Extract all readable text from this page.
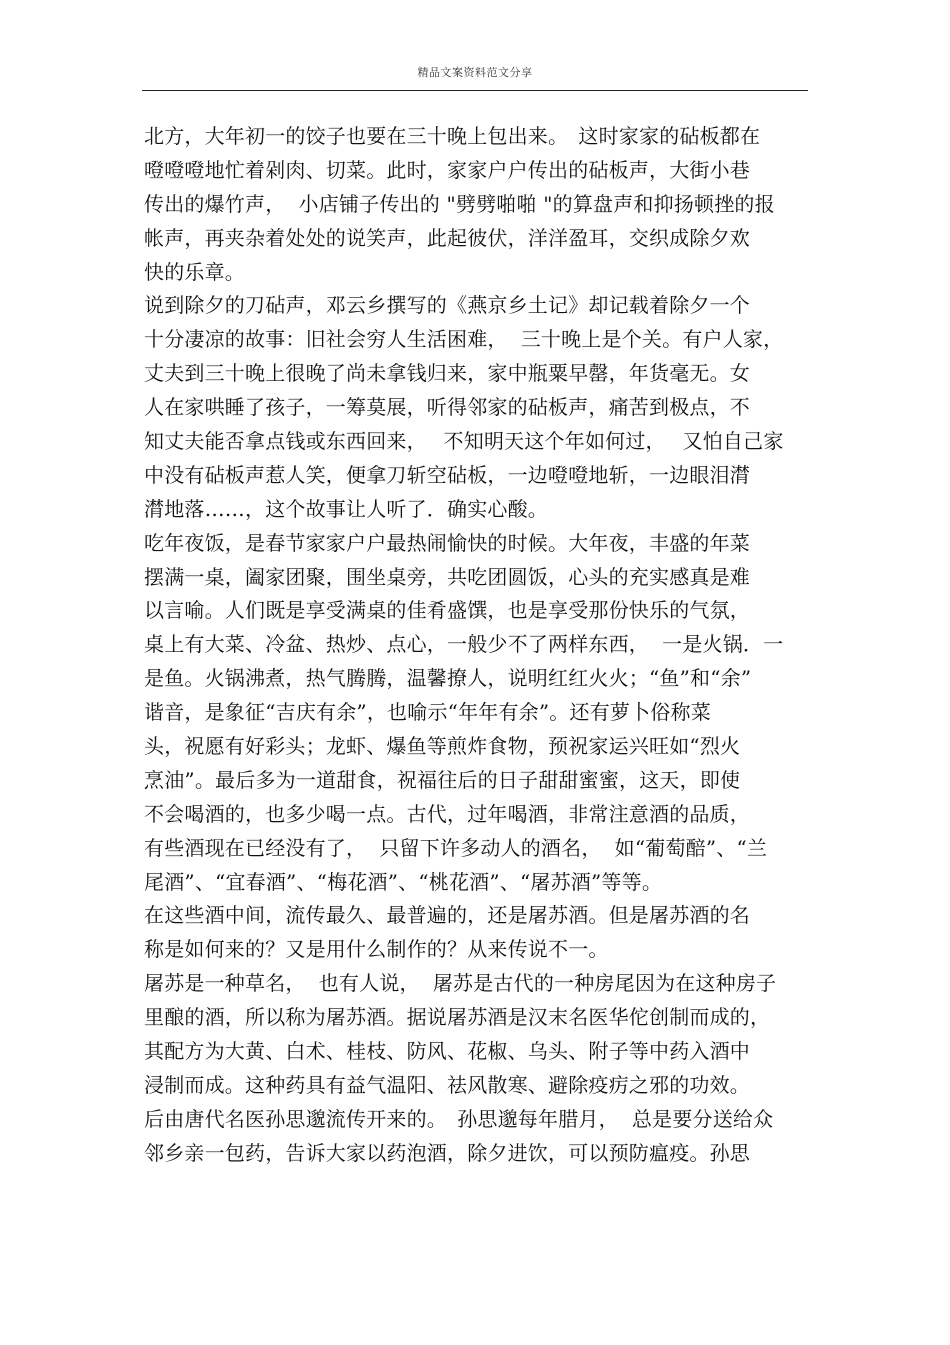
精品文案资料范文分享
北方，大年初一的饺子也要在三十晚上包出来。　这时家家的砧板都在
噔噔噔地忙着剁肉、切菜。此时，家家户户传出的砧板声，大街小巷
传出的爆竹声，  小店铺子传出的 "劈劈啪啪 "的算盘声和抑扬顿挫的报
帐声，再夹杂着处处的说笑声，此起彼伏，洋洋盈耳，交织成除夕欢
快的乐章。
说到除夕的刀砧声，邓云乡撰写的《燕京乡土记》却记载着除夕一个
十分凄凉的故事：旧社会穷人生活困难，  三十晚上是个关。有户人家，
丈夫到三十晚上很晚了尚未拿钱归来，家中瓶粟早罄，年货毫无。女
人在家哄睡了孩子，一筹莫展，听得邻家的砧板声，痛苦到极点，不
知丈夫能否拿点钱或东西回来，　 不知明天这个年如何过，　 又怕自己家
中没有砧板声惹人笑，便拿刀斩空砧板，一边噔噔地斩，一边眼泪潸
潸地落……，这个故事让人听了．确实心酸。
吃年夜饭，是春节家家户户最热闹愉快的时候。大年夜，丰盛的年菜
摆满一桌，阖家团聚，围坐桌旁，共吃团圆饭，心头的充实感真是难
以言喻。人们既是享受满桌的佳肴盛馔，也是享受那份快乐的气氛，
桌上有大菜、冷盆、热炒、点心，一般少不了两样东西，  一是火锅．一
是鱼。火锅沸煮，热气腾腾，温馨撩人，说明红红火火；“鱼”和“余”
谐音，是象征“吉庆有余”，也喻示“年年有余”。还有萝卜俗称菜
头，祝愿有好彩头；龙虾、爆鱼等煎炸食物，预祝家运兴旺如“烈火
烹油”。最后多为一道甜食，祝福往后的日子甜甜蜜蜜，这天，即使
不会喝酒的，也多少喝一点。古代，过年喝酒，非常注意酒的品质，
有些酒现在已经没有了，  只留下许多动人的酒名，  如“葡萄醅”、“兰
尾酒”、“宜春酒”、“梅花酒”、“桃花酒”、“屠苏酒”等等。
在这些酒中间，流传最久、最普遍的，还是屠苏酒。但是屠苏酒的名
称是如何来的？又是用什么制作的？从来传说不一。
屠苏是一种草名，  也有人说，  屠苏是古代的一种房尾因为在这种房子
里酿的酒，所以称为屠苏酒。据说屠苏酒是汉末名医华佗创制而成的，
其配方为大黄、白术、桂枝、防风、花椒、乌头、附子等中药入酒中
浸制而成。这种药具有益气温阳、祛风散寒、避除疫疠之邪的功效。
后由唐代名医孙思邈流传开来的。　孙思邈每年腊月，  总是要分送给众
邻乡亲一包药，告诉大家以药泡酒，除夕进饮，可以预防瘟疫。孙思
